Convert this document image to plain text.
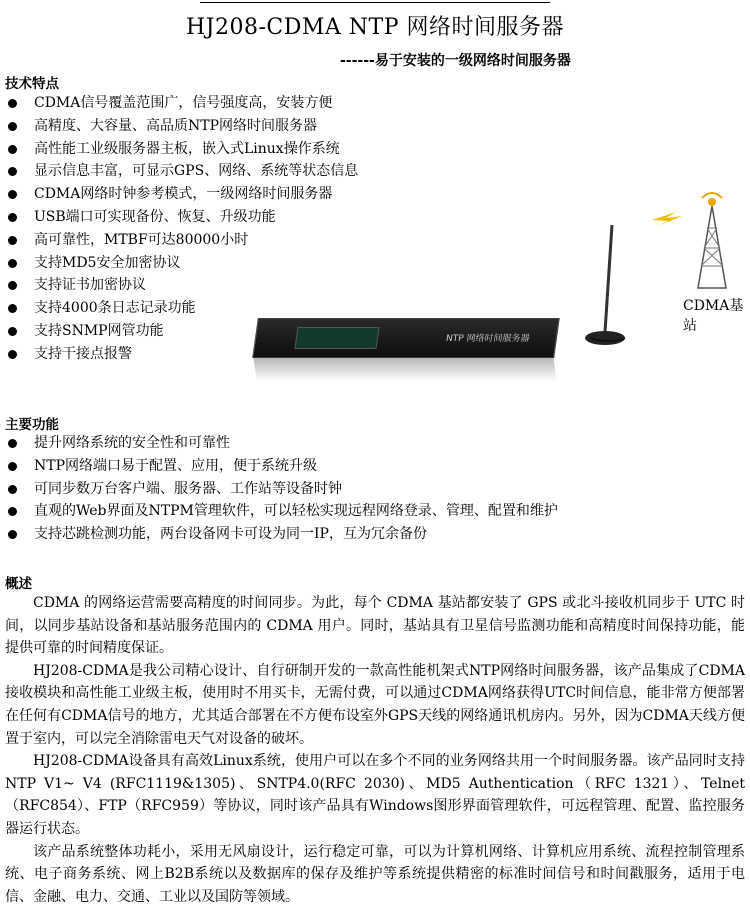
HJ208-CDMA NTP 网络时间服务器
------易于安装的一级网络时间服务器
技术特点
CDMA信号覆盖范围广，信号强度高，安装方便
高精度、大容量、高品质NTP网络时间服务器
高性能工业级服务器主板，嵌入式Linux操作系统
显示信息丰富，可显示GPS、网络、系统等状态信息
CDMA网络时钟参考模式，一级网络时间服务器
USB端口可实现备份、恢复、升级功能
高可靠性，MTBF可达80000小时
支持MD5安全加密协议
支持证书加密协议
支持4000条日志记录功能
支持SNMP网管功能
支持干接点报警
CDMA基站
NTP 网络时间服务器
主要功能
提升网络系统的安全性和可靠性
NTP网络端口易于配置、应用，便于系统升级
可同步数万台客户端、服务器、工作站等设备时钟
直观的Web界面及NTPM管理软件，可以轻松实现远程网络登录、管理、配置和维护
支持芯跳检测功能，两台设备网卡可设为同一IP，互为冗余备份
概述

CDMA 的网络运营需要高精度的时间同步。为此，每个 CDMA 基站都安装了 GPS 或北斗接收机同步于 UTC 时间，以同步基站设备和基站服务范围内的 CDMA 用户。同时，基站具有卫星信号监测功能和高精度时间保持功能，能提供可靠的时间精度保证。

HJ208-CDMA是我公司精心设计、自行研制开发的一款高性能机架式NTP网络时间服务器，该产品集成了CDMA接收模块和高性能工业级主板，使用时不用买卡，无需付费，可以通过CDMA网络获得UTC时间信息，能非常方便部署在任何有CDMA信号的地方，尤其适合部署在不方便布设室外GPS天线的网络通讯机房内。另外，因为CDMA天线方便置于室内，可以完全消除雷电天气对设备的破坏。

HJ208-CDMA设备具有高效Linux系统，使用户可以在多个不同的业务网络共用一个时间服务器。该产品同时支持NTP V1~ V4 (RFC1119&1305)、SNTP4.0(RFC 2030)、MD5 Authentication（RFC 1321）、Telnet（RFC854）、FTP（RFC959）等协议，同时该产品具有Windows图形界面管理软件，可远程管理、配置、监控服务器运行状态。

该产品系统整体功耗小，采用无风扇设计，运行稳定可靠，可以为计算机网络、计算机应用系统、流程控制管理系统、电子商务系统、网上B2B系统以及数据库的保存及维护等系统提供精密的标准时间信号和时间戳服务，适用于电信、金融、电力、交通、工业以及国防等领域。
